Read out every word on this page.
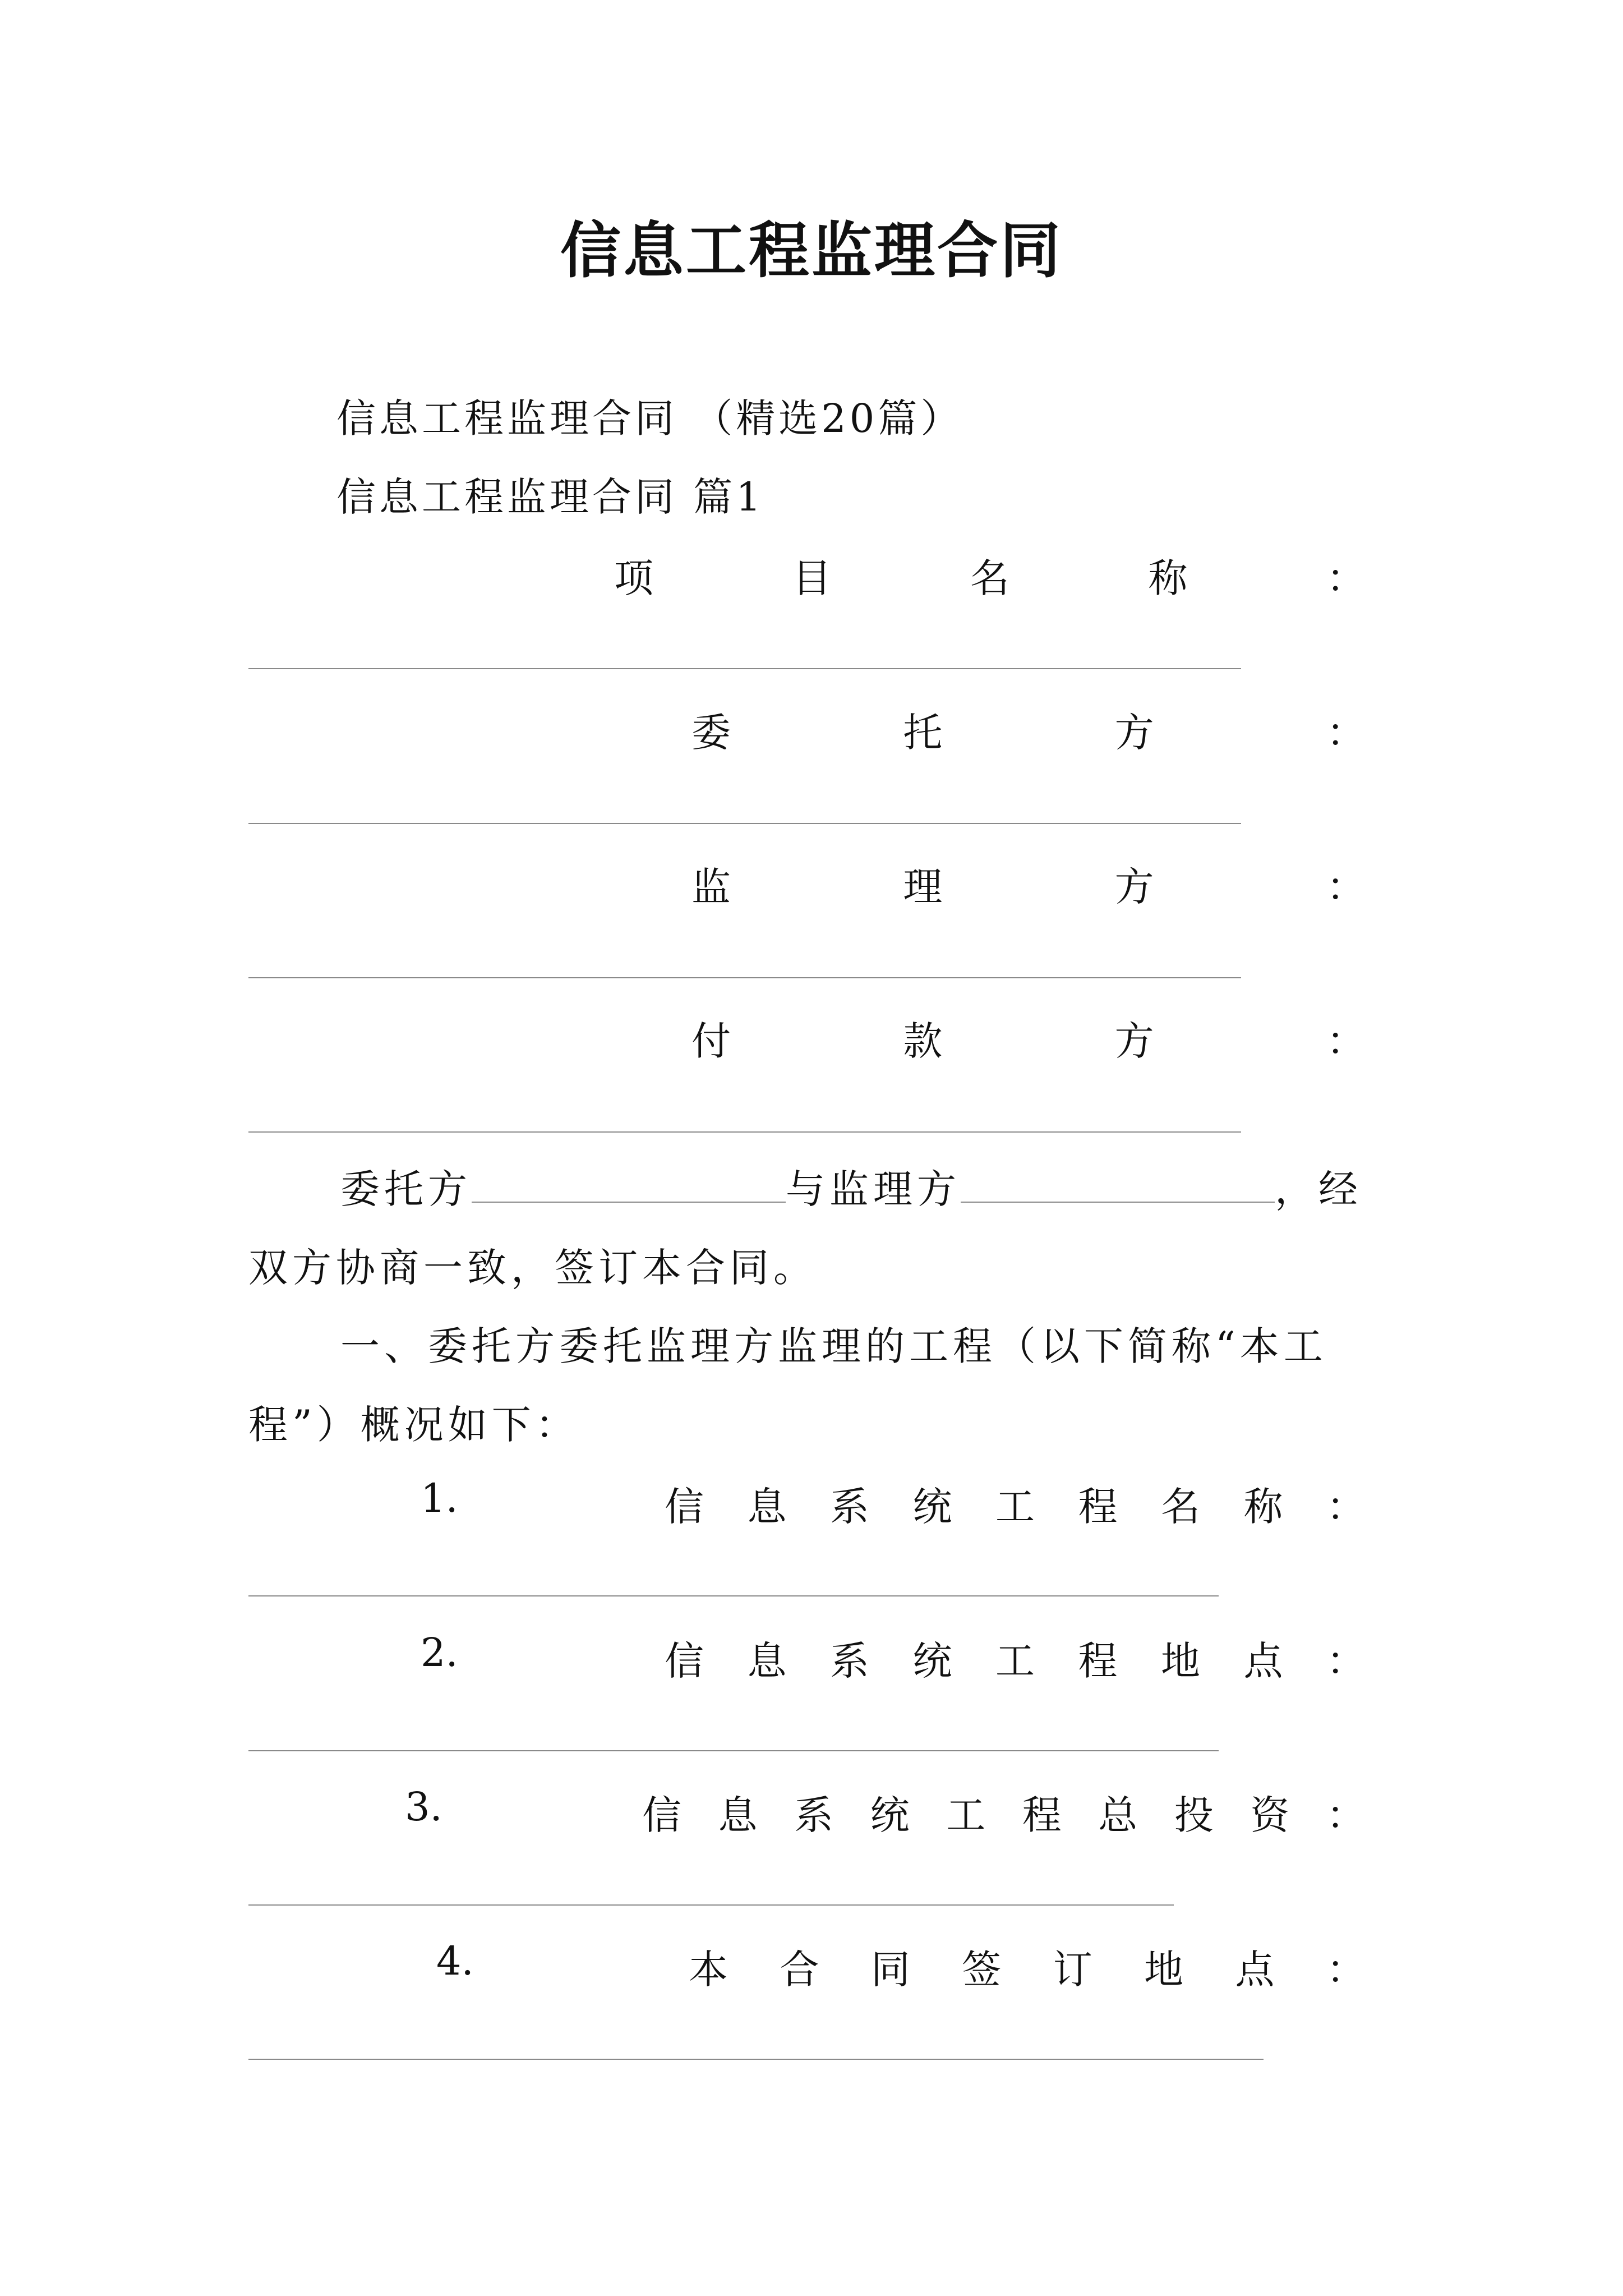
信息工程监理合同
信息工程监理合同 （精选20篇）
信息工程监理合同 篇1
项	目	名	称	：
委	托	方	：
监	理	方	：
付	款	方	：
委托方	与监理方	，经双方协商一致，签订本合同。
一、委托方委托监理方监理的工程（以下简称“本工程”）概况如下：
1.	信 息 系 统 工 程 名 称 ：
2.	信 息 系 统 工 程 地 点 ：
3.	信 息 系 统 工 程 总 投 资 ：
4.	本 合 同 签 订 地 点 ：
